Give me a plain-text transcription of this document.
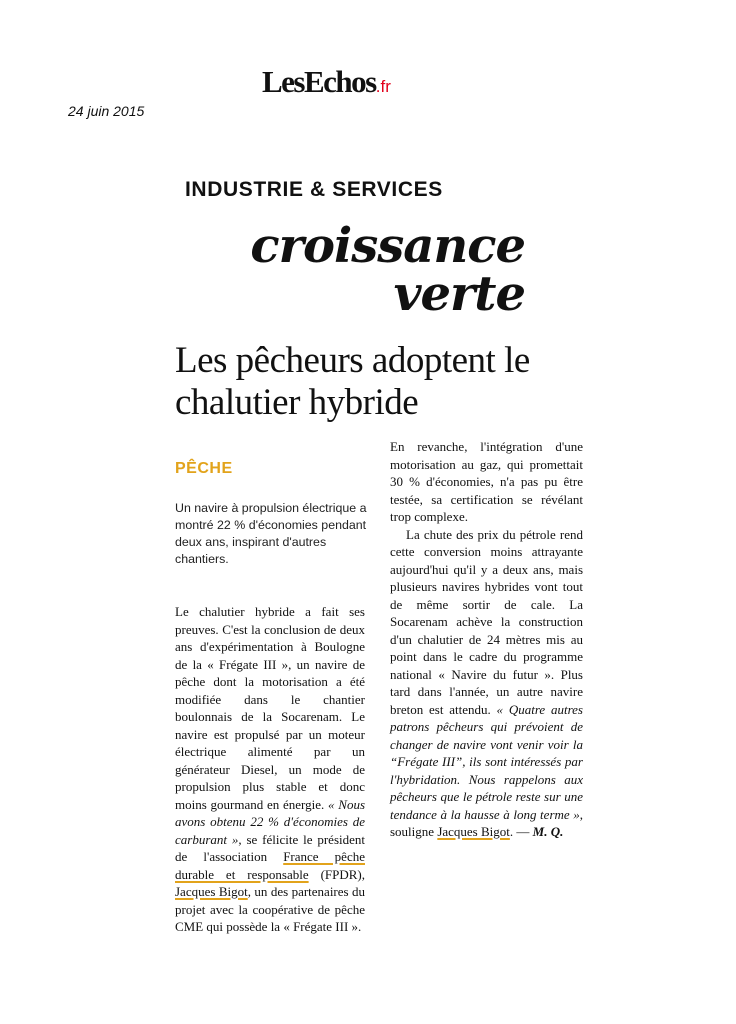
LesEchos.fr
24 juin 2015
INDUSTRIE & SERVICES
croissance
verte
Les pêcheurs adoptent le chalutier hybride
PÊCHE
Un navire à propulsion électrique a montré 22 % d'économies pendant deux ans, inspirant d'autres chantiers.

Le chalutier hybride a fait ses preuves. C'est la conclusion de deux ans d'expérimentation à Boulogne de la « Frégate III », un navire de pêche dont la motorisation a été modifiée dans le chantier boulonnais de la Socarenam. Le navire est propulsé par un moteur électrique alimenté par un générateur Diesel, un mode de propulsion plus stable et donc moins gourmand en énergie. « Nous avons obtenu 22 % d'économies de carburant », se félicite le président de l'association France pêche durable et responsable (FPDR), Jacques Bigot, un des partenaires du projet avec la coopérative de pêche CME qui possède la « Frégate III ».

En revanche, l'intégration d'une motorisation au gaz, qui promettait 30 % d'économies, n'a pas pu être testée, sa certification se révélant trop complexe.

La chute des prix du pétrole rend cette conversion moins attrayante aujourd'hui qu'il y a deux ans, mais plusieurs navires hybrides vont tout de même sortir de cale. La Socarenam achève la construction d'un chalutier de 24 mètres mis au point dans le cadre du programme national « Navire du futur ». Plus tard dans l'année, un autre navire breton est attendu. « Quatre autres patrons pêcheurs qui prévoient de changer de navire vont venir voir la “Frégate III”, ils sont intéressés par l'hybridation. Nous rappelons aux pêcheurs que le pétrole reste sur une tendance à la hausse à long terme », souligne Jacques Bigot. — M. Q.
